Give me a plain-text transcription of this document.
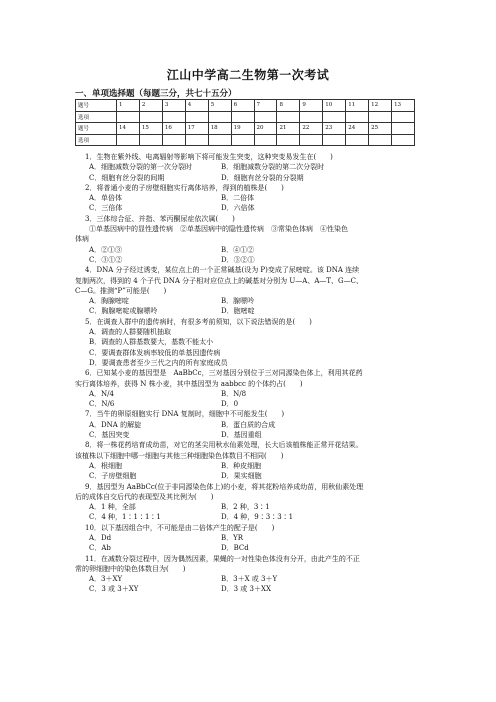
江山中学高二生物第一次考试
一、单项选择题（每题三分，共七十五分）
题号	1	2	3	4	5	6	7	8	9	10	11	12	13
选项													
题号	14	15	16	17	18	19	20	21	22	23	24	25	
选项													

1．生物在紫外线、电离辐射等影响下将可能发生突变，这种突变易发生在(　　)

A．细胞减数分裂的第一次分裂时	B．细胞减数分裂的第二次分裂时

C．细胞有丝分裂的间期	D．细胞有丝分裂的分裂期

2．将普通小麦的子房壁细胞实行离体培养，得到的植株是(　　)

A．单倍体	B．二倍体

C．三倍体	D．六倍体

3．三体综合征、并指、苯丙酮尿症依次属(　　)

①单基因病中的显性遗传病　②单基因病中的隐性遗传病　③常染色体病　④性染色

体病

A．②①③	B．④①②

C．③①②	D．③②①

4．DNA 分子经过诱变，某位点上的一个正常碱基(设为 P)变成了尿嘧啶。该 DNA 连续

复制两次，得到的 4 个子代 DNA 分子相对应位点上的碱基对分别为 U—A、A—T、G—C、

C—G。推测“P”可能是(　　)

A．胸腺嘧啶	B．腺嘌呤

C．胸腺嘧啶或腺嘌呤	D．胞嘧啶

5．在调查人群中的遗传病时，有很多考前须知，以下说法错误的是(　　)

A．调查的人群要随机抽取

B．调查的人群基数要大，基数不能太小

C．要调查群体发病率较低的单基因遗传病

D．要调查患者至少三代之内的所有家庭成员

6．已知某小麦的基因型是　AaBbCc，三对基因分别位于三对同源染色体上，利用其花药

实行离体培养，获得 N 株小麦，其中基因型为 aabbcc 的个体约占(　　)

A．N/4	B．N/8

C．N/6	D．0

7．当牛的卵原细胞实行 DNA 复制时，细胞中不可能发生(　　)

A．DNA 的解旋	B．蛋白质的合成

C．基因突变	D．基因重组

8．将一株花药培育成幼苗，对它的茎尖用秋水仙素处理，长大后该植株能正常开花结果。

该植株以下细胞中哪一细胞与其他三种细胞染色体数目不相同(　　)

A．根细胞	B．种皮细胞

C．子房壁细胞	D．果实细胞

9．基因型为 AaBbCc(位于非同源染色体上)的小麦，将其花粉培养成幼苗，用秋仙素处理

后的成体自交后代的表现型及其比例为(　　)

A．1 种，全部	B．2 种，3∶1

C．4 种，1∶1∶1∶1	D．4 种，9∶3∶3∶1

10．以下基因组合中，不可能是由二倍体产生的配子是(　　)

A．Dd	B．YR

C．Ab	D．BCd

11．在减数分裂过程中，因为偶然因素，果蝇的一对性染色体没有分开，由此产生的不正

常的卵细胞中的染色体数目为(　　)

A．3＋XY	B．3＋X 或 3＋Y

C．3 或 3＋XY	D．3 或 3＋XX
